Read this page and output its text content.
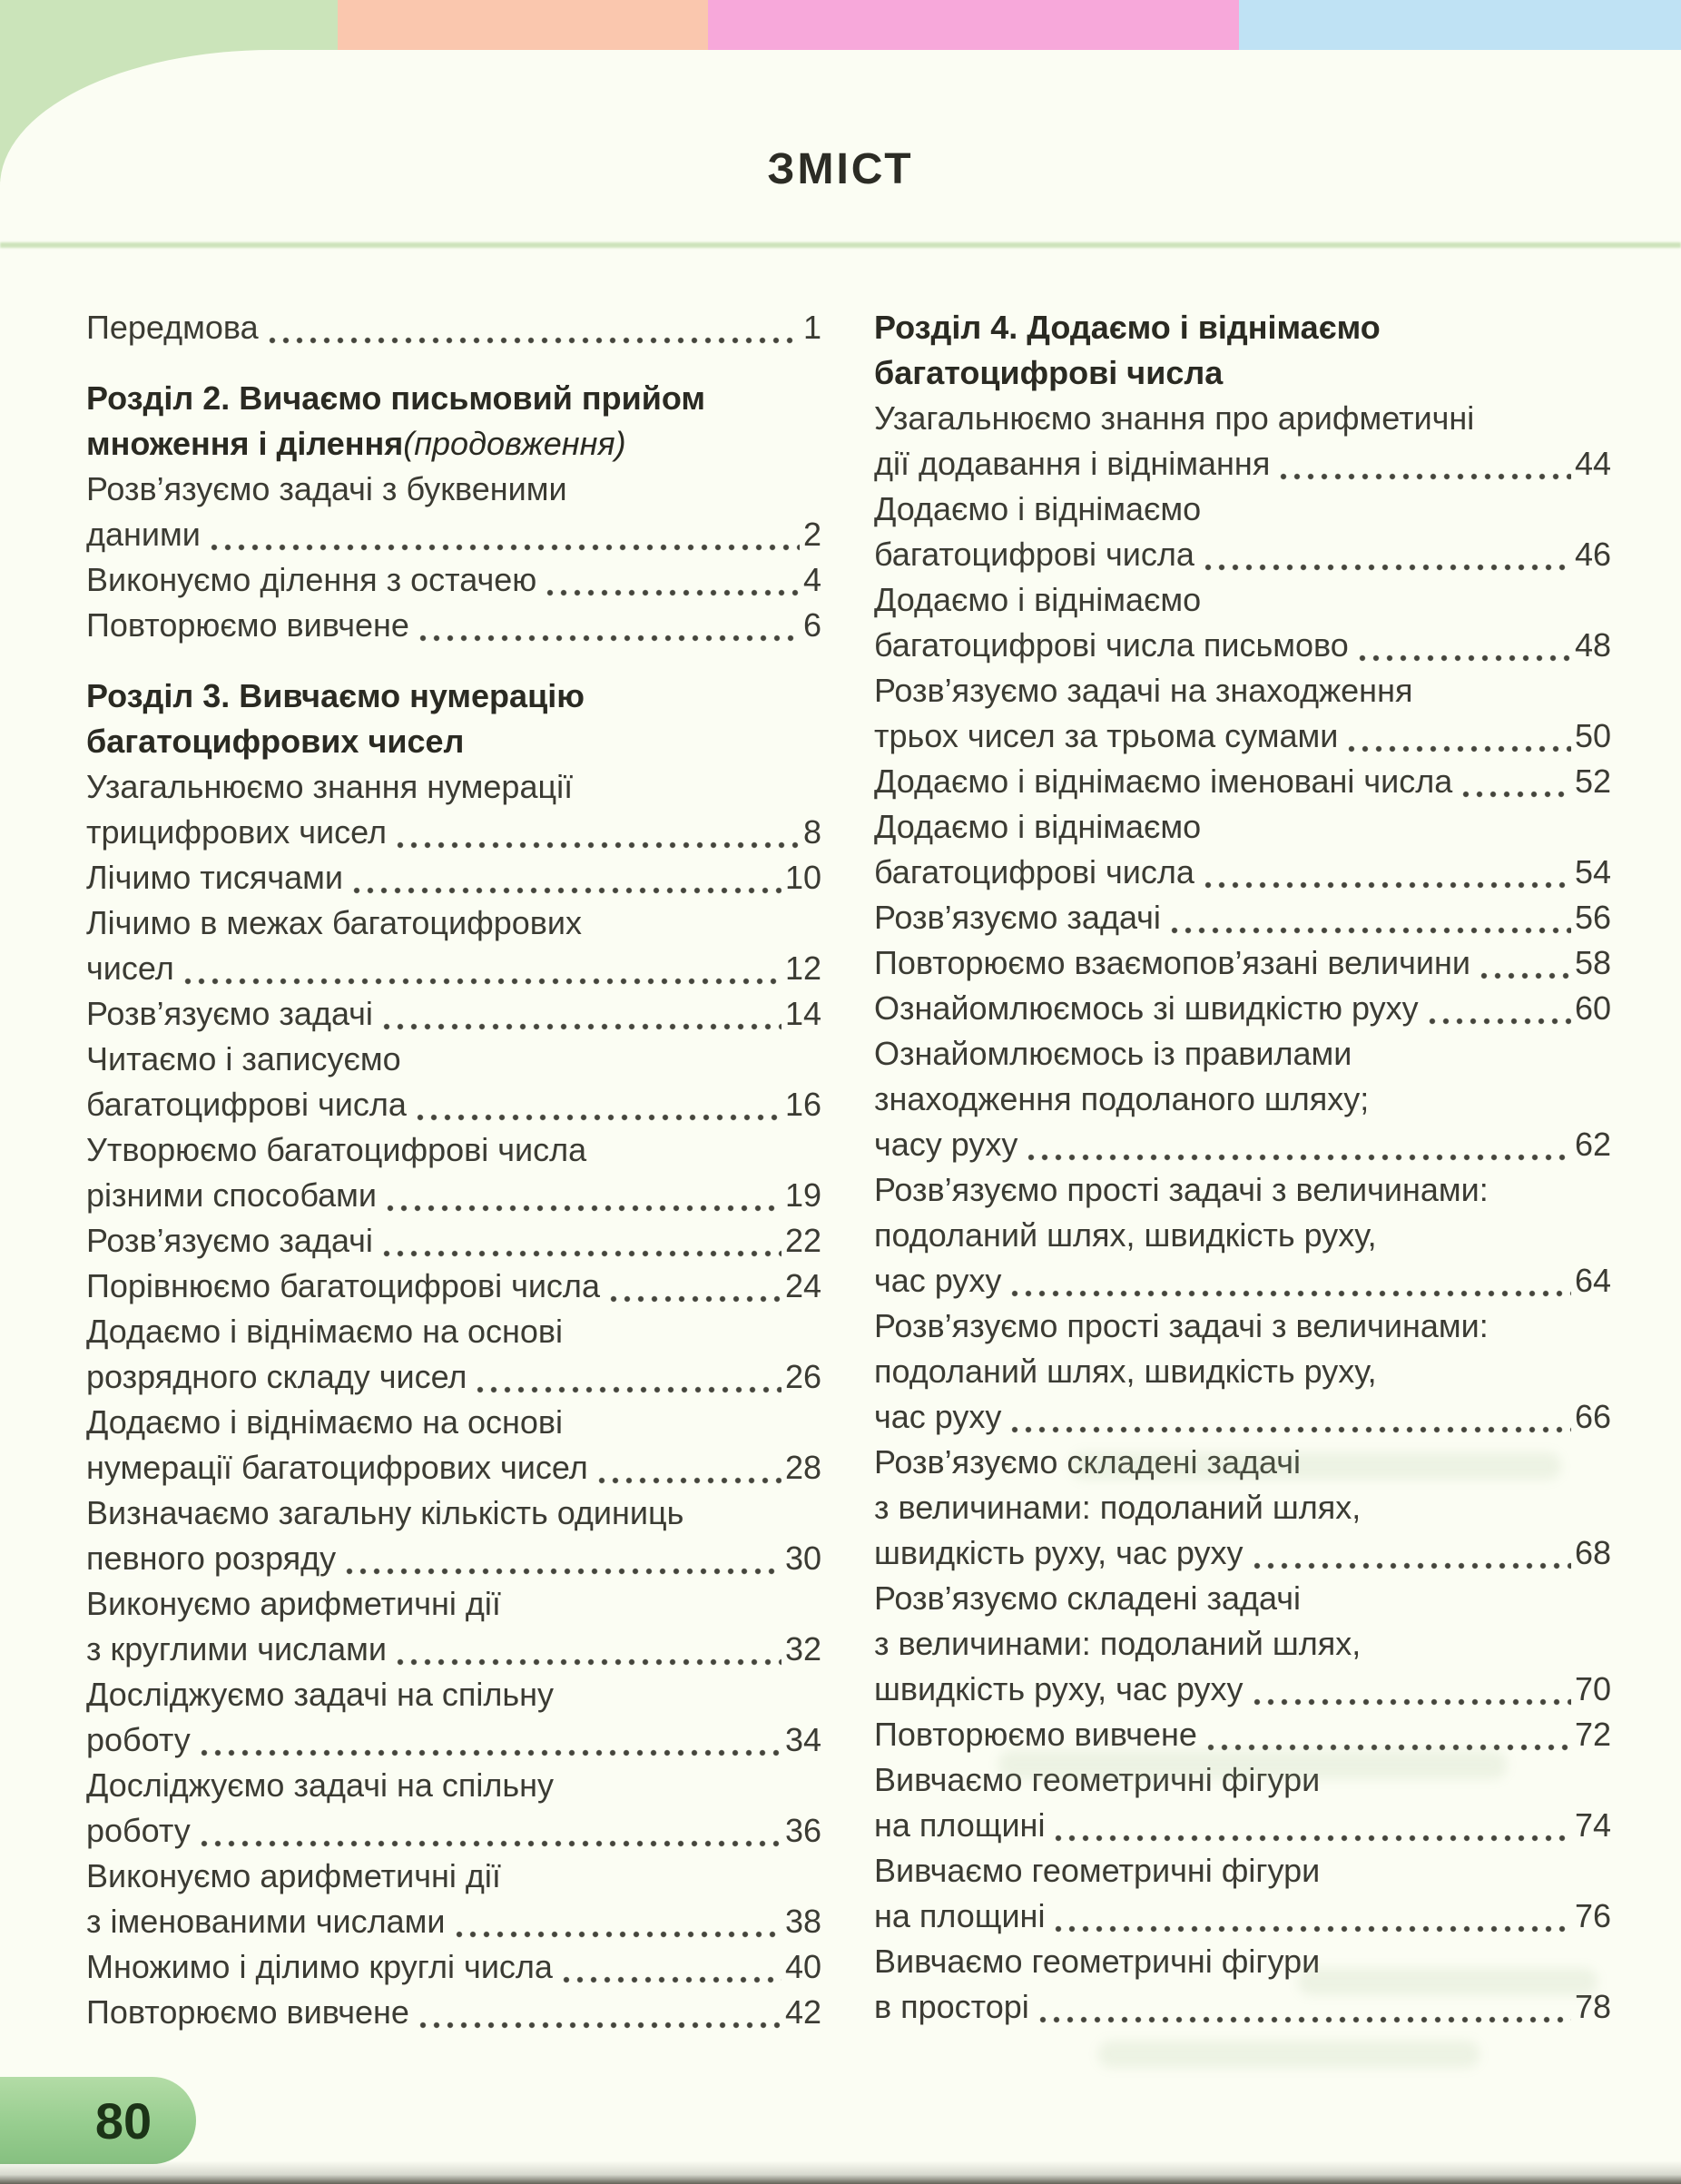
ЗМІСТ
Передмова	1
Розділ 2. Вичаємо письмовий прийом
множення і ділення (продовження)
Розв’язуємо задачі з буквеними
даними	2
Виконуємо ділення з остачею	4
Повторюємо вивчене	6
Розділ 3. Вивчаємо нумерацію
багатоцифрових чисел
Узагальнюємо знання нумерації
трицифрових чисел	8
Лічимо тисячами	10
Лічимо в межах багатоцифрових
чисел	12
Розв’язуємо задачі	14
Читаємо і записуємо
багатоцифрові числа	16
Утворюємо багатоцифрові числа
різними способами	19
Розв’язуємо задачі	22
Порівнюємо багатоцифрові числа	24
Додаємо і віднімаємо на основі
розрядного складу чисел	26
Додаємо і віднімаємо на основі
нумерації багатоцифрових чисел	28
Визначаємо загальну кількість одиниць
певного розряду	30
Виконуємо арифметичні дії
з круглими числами	32
Досліджуємо задачі на спільну
роботу	34
Досліджуємо задачі на спільну
роботу	36
Виконуємо арифметичні дії
з іменованими числами	38
Множимо і ділимо круглі числа	40
Повторюємо вивчене	42
Розділ 4. Додаємо і віднімаємо
багатоцифрові числа
Узагальнюємо знання про арифметичні
дії додавання і віднімання	44
Додаємо і віднімаємо
багатоцифрові числа	46
Додаємо і віднімаємо
багатоцифрові числа письмово	48
Розв’язуємо задачі на знаходження
трьох чисел за трьома сумами	50
Додаємо і віднімаємо іменовані числа	52
Додаємо і віднімаємо
багатоцифрові числа	54
Розв’язуємо задачі	56
Повторюємо взаємопов’язані величини	58
Ознайомлюємось зі швидкістю руху	60
Ознайомлюємось із правилами
знаходження подоланого шляху;
часу руху	62
Розв’язуємо прості задачі з величинами:
подоланий шлях, швидкість руху,
час руху	64
Розв’язуємо прості задачі з величинами:
подоланий шлях, швидкість руху,
час руху	66
Розв’язуємо складені задачі
з величинами: подоланий шлях,
швидкість руху, час руху	68
Розв’язуємо складені задачі
з величинами: подоланий шлях,
швидкість руху, час руху	70
Повторюємо вивчене	72
Вивчаємо геометричні фігури
на площині	74
Вивчаємо геометричні фігури
на площині	76
Вивчаємо геометричні фігури
в просторі	78
80
